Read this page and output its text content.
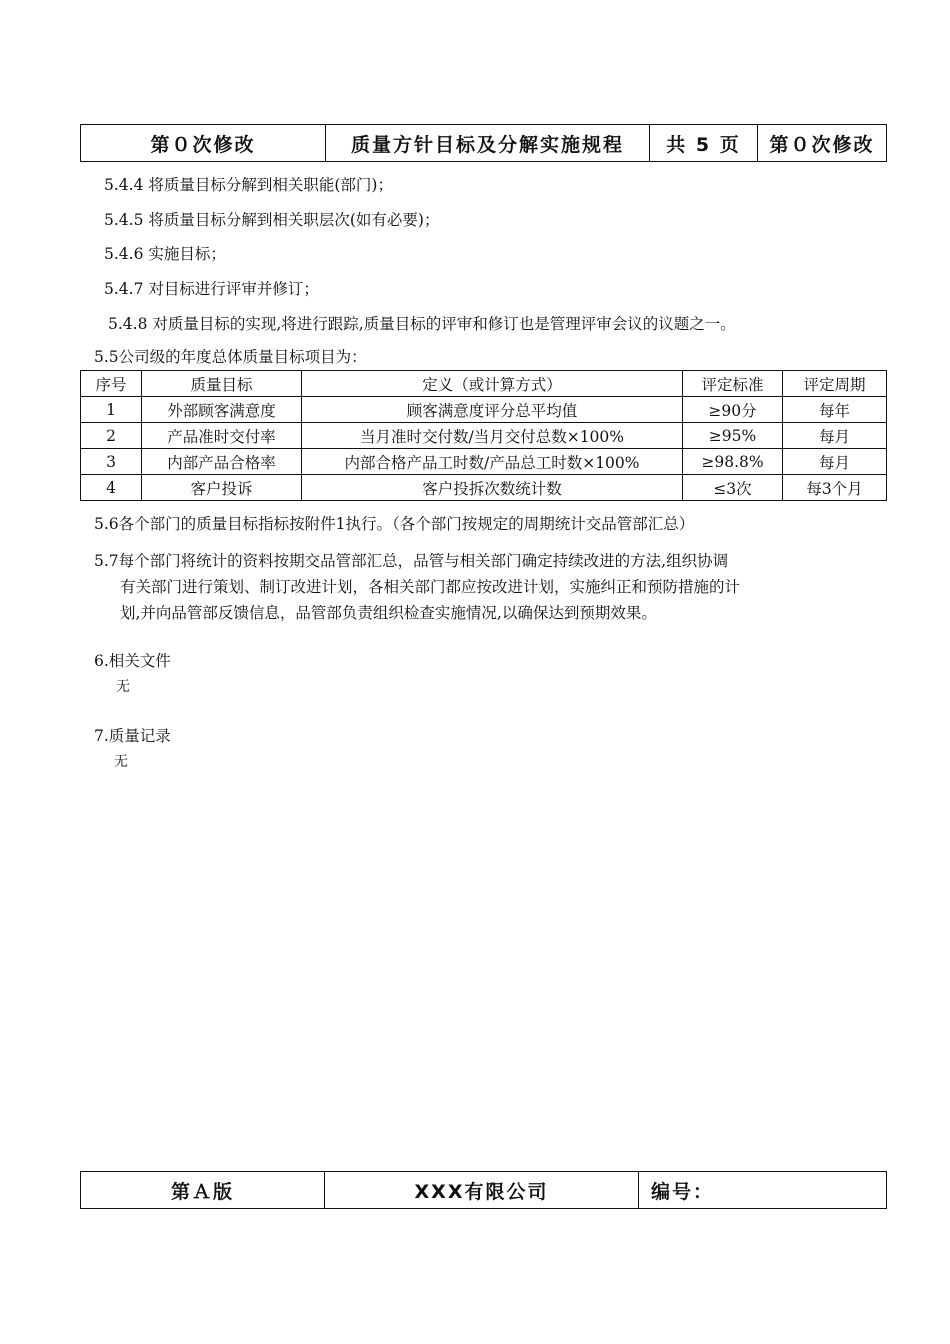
第０次修改	质量方针目标及分解实施规程	共 5 页	第０次修改
5.4.4 将质量目标分解到相关职能(部门)；
5.4.5 将质量目标分解到相关职层次(如有必要)；
5.4.6 实施目标；
5.4.7 对目标进行评审并修订；
5.4.8 对质量目标的实现,将进行跟踪,质量目标的评审和修订也是管理评审会议的议题之一。
5.5公司级的年度总体质量目标项目为：
序号	质量目标	定义（或计算方式）	评定标准	评定周期
1	外部顾客满意度	顾客满意度评分总平均值	≥90分	每年
2	产品准时交付率	当月准时交付数/当月交付总数×100%	≥95%	每月
3	内部产品合格率	内部合格产品工时数/产品总工时数×100%	≥98.8%	每月
4	客户投诉	客户投拆次数统计数	≤3次	每3个月
5.6各个部门的质量目标指标按附件1执行。（各个部门按规定的周期统计交品管部汇总）
5.7每个部门将统计的资料按期交品管部汇总，品管与相关部门确定持续改进的方法,组织协调
有关部门进行策划、制订改进计划，各相关部门都应按改进计划，实施纠正和预防措施的计
划,并向品管部反馈信息，品管部负责组织检查实施情况,以确保达到预期效果。
6.相关文件
无
7.质量记录
无
第Ａ版	XXX有限公司	编号：
